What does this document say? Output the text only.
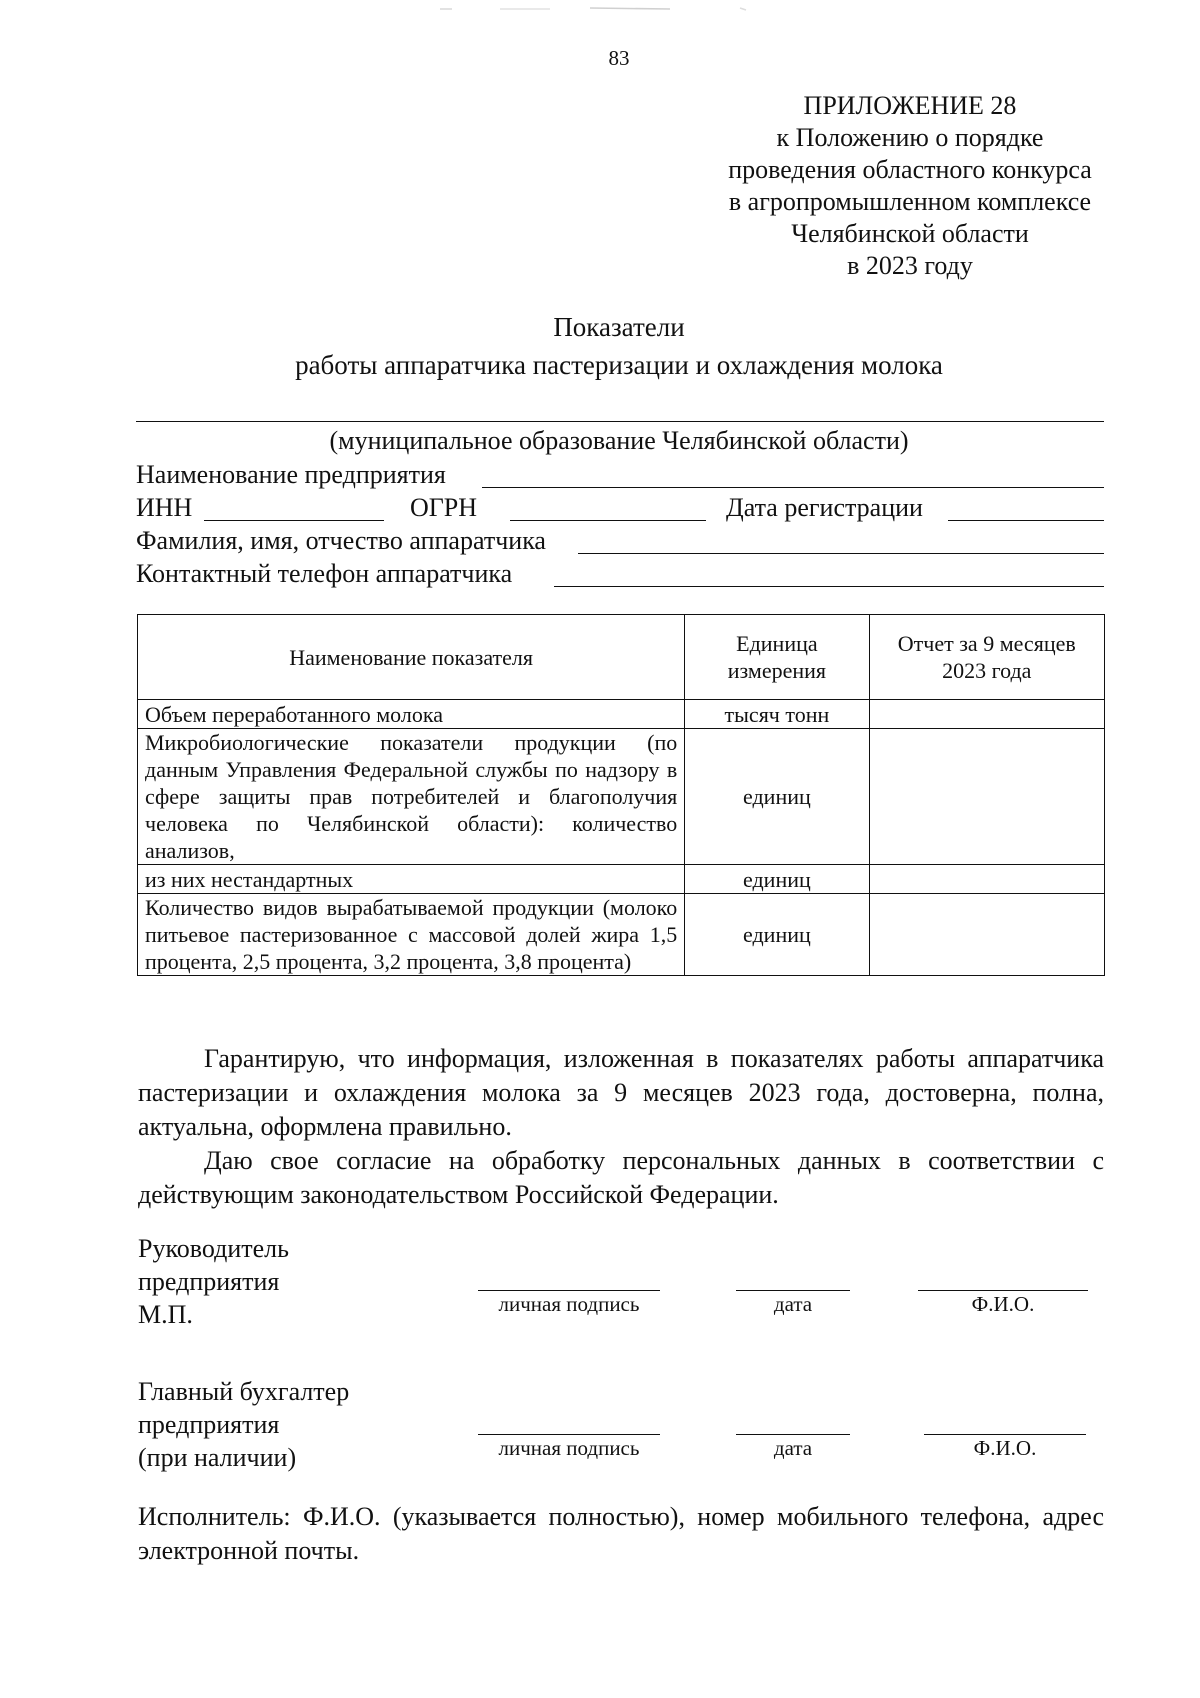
83
ПРИЛОЖЕНИЕ 28
к Положению о порядке
проведения областного конкурса
в агропромышленном комплексе
Челябинской области
в 2023 году
Показатели
работы аппаратчика пастеризации и охлаждения молока
(муниципальное образование Челябинской области)
Наименование предприятия
ИНН	ОГРН	Дата регистрации
Фамилия, имя, отчество аппаратчика
Контактный телефон аппаратчика
Наименование показателя	Единица измерения	Отчет за 9 месяцев 2023 года
Объем переработанного молока	тысяч тонн	
Микробиологические показатели продукции (по данным Управления Федеральной службы по надзору в сфере защиты прав потребителей и благополучия человека по Челябинской области): количество анализов,	единиц	
из них нестандартных	единиц	
Количество видов вырабатываемой продукции (молоко питьевое пастеризованное с массовой долей жира 1,5 процента, 2,5 процента, 3,2 процента, 3,8 процента)	единиц	

Гарантирую, что информация, изложенная в показателях работы аппаратчика пастеризации и охлаждения молока за 9 месяцев 2023 года, достоверна, полна, актуальна, оформлена правильно.

Даю свое согласие на обработку персональных данных в соответствии с действующим законодательством Российской Федерации.

Руководитель
предприятия
М.П.	личная подпись	дата	Ф.И.О.
Главный бухгалтер
предприятия
(при наличии)	личная подпись	дата	Ф.И.О.
Исполнитель: Ф.И.О. (указывается полностью), номер мобильного телефона, адрес электронной почты.
